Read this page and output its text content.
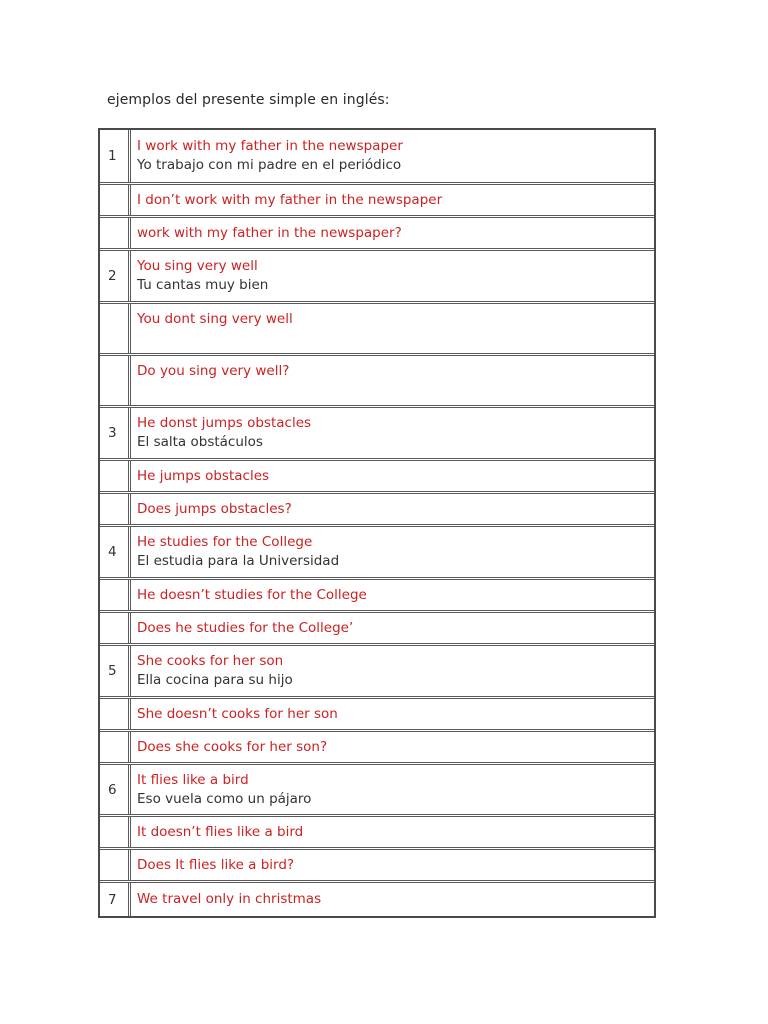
ejemplos del presente simple en inglés:
1
I work with my father in the newspaper
Yo trabajo con mi padre en el periódico
I don’t work with my father in the newspaper
work with my father in the newspaper?
2
You sing very well
Tu cantas muy bien
You dont sing very well
Do you sing very well?
3
He donst jumps obstacles
El salta obstáculos
He jumps obstacles
Does jumps obstacles?
4
He studies for the College
El estudia para la Universidad
He doesn’t studies for the College
Does he studies for the College’
5
She cooks for her son
Ella cocina para su hijo
She doesn’t cooks for her son
Does she cooks for her son?
6
It flies like a bird
Eso vuela como un pájaro
It doesn’t flies like a bird
Does It flies like a bird?
7	We travel only in christmas
